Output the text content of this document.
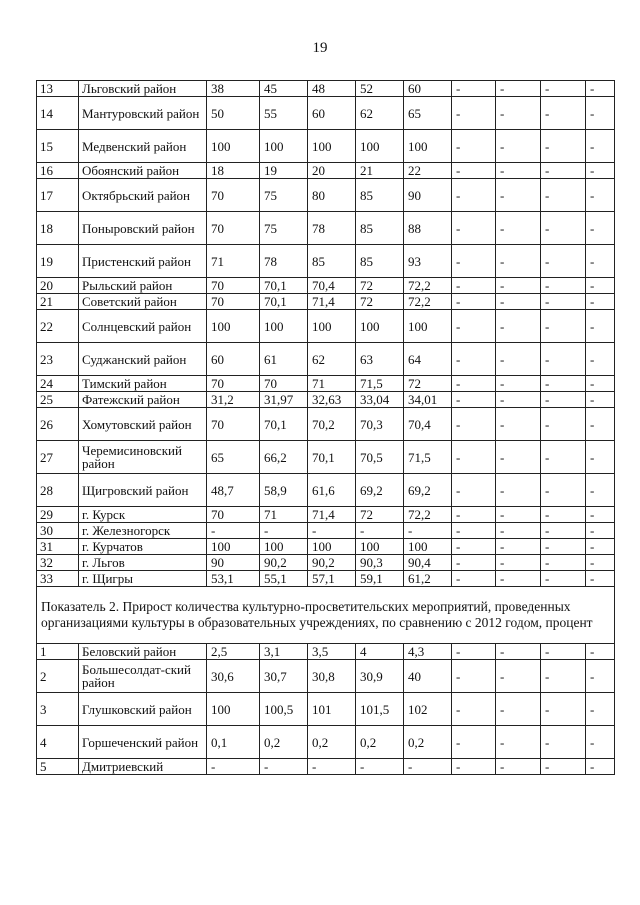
19
13	Льговский район	38	45	48	52	60	-	-	-	-
14	Мантуровский район	50	55	60	62	65	-	-	-	-
15	Медвенский район	100	100	100	100	100	-	-	-	-
16	Обоянский район	18	19	20	21	22	-	-	-	-
17	Октябрьский район	70	75	80	85	90	-	-	-	-
18	Поныровский район	70	75	78	85	88	-	-	-	-
19	Пристенский район	71	78	85	85	93	-	-	-	-
20	Рыльский район	70	70,1	70,4	72	72,2	-	-	-	-
21	Советский район	70	70,1	71,4	72	72,2	-	-	-	-
22	Солнцевский район	100	100	100	100	100	-	-	-	-
23	Суджанский район	60	61	62	63	64	-	-	-	-
24	Тимский район	70	70	71	71,5	72	-	-	-	-
25	Фатежский район	31,2	31,97	32,63	33,04	34,01	-	-	-	-
26	Хомутовский район	70	70,1	70,2	70,3	70,4	-	-	-	-
27	Черемисиновский район	65	66,2	70,1	70,5	71,5	-	-	-	-
28	Щигровский район	48,7	58,9	61,6	69,2	69,2	-	-	-	-
29	г. Курск	70	71	71,4	72	72,2	-	-	-	-
30	г. Железногорск	-	-	-	-	-	-	-	-	-
31	г. Курчатов	100	100	100	100	100	-	-	-	-
32	г. Льгов	90	90,2	90,2	90,3	90,4	-	-	-	-
33	г. Щигры	53,1	55,1	57,1	59,1	61,2	-	-	-	-
Показатель 2. Прирост количества культурно-просветительских мероприятий, проведенных организациями культуры в образовательных учреждениях, по сравнению с 2012 годом, процент										
1	Беловский район	2,5	3,1	3,5	4	4,3	-	-	-	-
2	Большесолдат-ский район	30,6	30,7	30,8	30,9	40	-	-	-	-
3	Глушковский район	100	100,5	101	101,5	102	-	-	-	-
4	Горшеченский район	0,1	0,2	0,2	0,2	0,2	-	-	-	-
5	Дмитриевский	-	-	-	-	-	-	-	-	-
